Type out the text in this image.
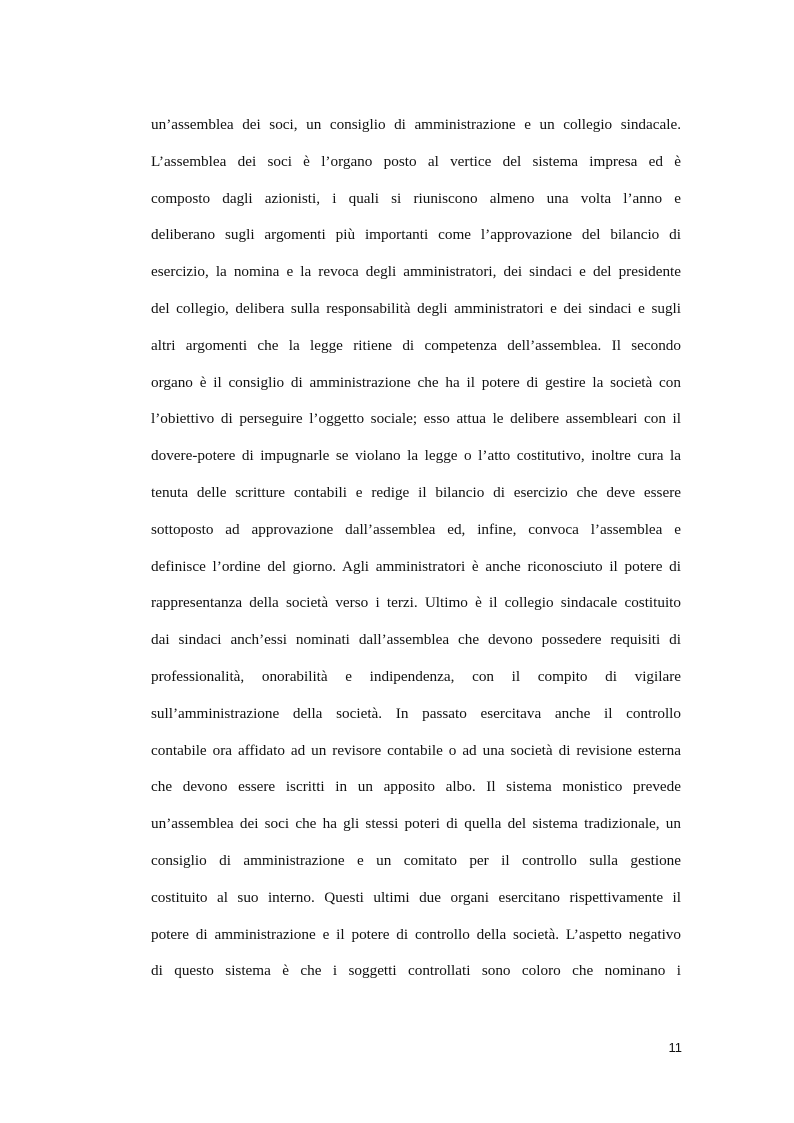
un’assemblea dei soci, un consiglio di amministrazione e un collegio sindacale.
L’assemblea dei soci è l’organo posto al vertice del sistema impresa ed è
composto dagli azionisti, i quali si riuniscono almeno una volta l’anno e
deliberano sugli argomenti più importanti come l’approvazione del bilancio di
esercizio, la nomina e la revoca degli amministratori, dei sindaci e del presidente
del collegio, delibera sulla responsabilità degli amministratori e dei sindaci e sugli
altri argomenti che la legge ritiene di competenza dell’assemblea. Il secondo
organo è il consiglio di amministrazione che ha il potere di gestire la società con
l’obiettivo di perseguire l’oggetto sociale; esso attua le delibere assembleari con il
dovere-potere di impugnarle se violano la legge o l’atto costitutivo, inoltre cura la
tenuta delle scritture contabili e redige il bilancio di esercizio che deve essere
sottoposto ad approvazione dall’assemblea ed, infine, convoca l’assemblea e
definisce l’ordine del giorno. Agli amministratori è anche riconosciuto il potere di
rappresentanza della società verso i terzi. Ultimo è il collegio sindacale costituito
dai sindaci anch’essi nominati dall’assemblea che devono possedere requisiti di
professionalità, onorabilità e indipendenza, con il compito di vigilare
sull’amministrazione della società. In passato esercitava anche il controllo
contabile ora affidato ad un revisore contabile o ad una società di revisione esterna
che devono essere iscritti in un apposito albo. Il sistema monistico prevede
un’assemblea dei soci che ha gli stessi poteri di quella del sistema tradizionale, un
consiglio di amministrazione e un comitato per il controllo sulla gestione
costituito al suo interno. Questi ultimi due organi esercitano rispettivamente il
potere di amministrazione e il potere di controllo della società. L’aspetto negativo
di questo sistema è che i soggetti controllati sono coloro che nominano i
11
